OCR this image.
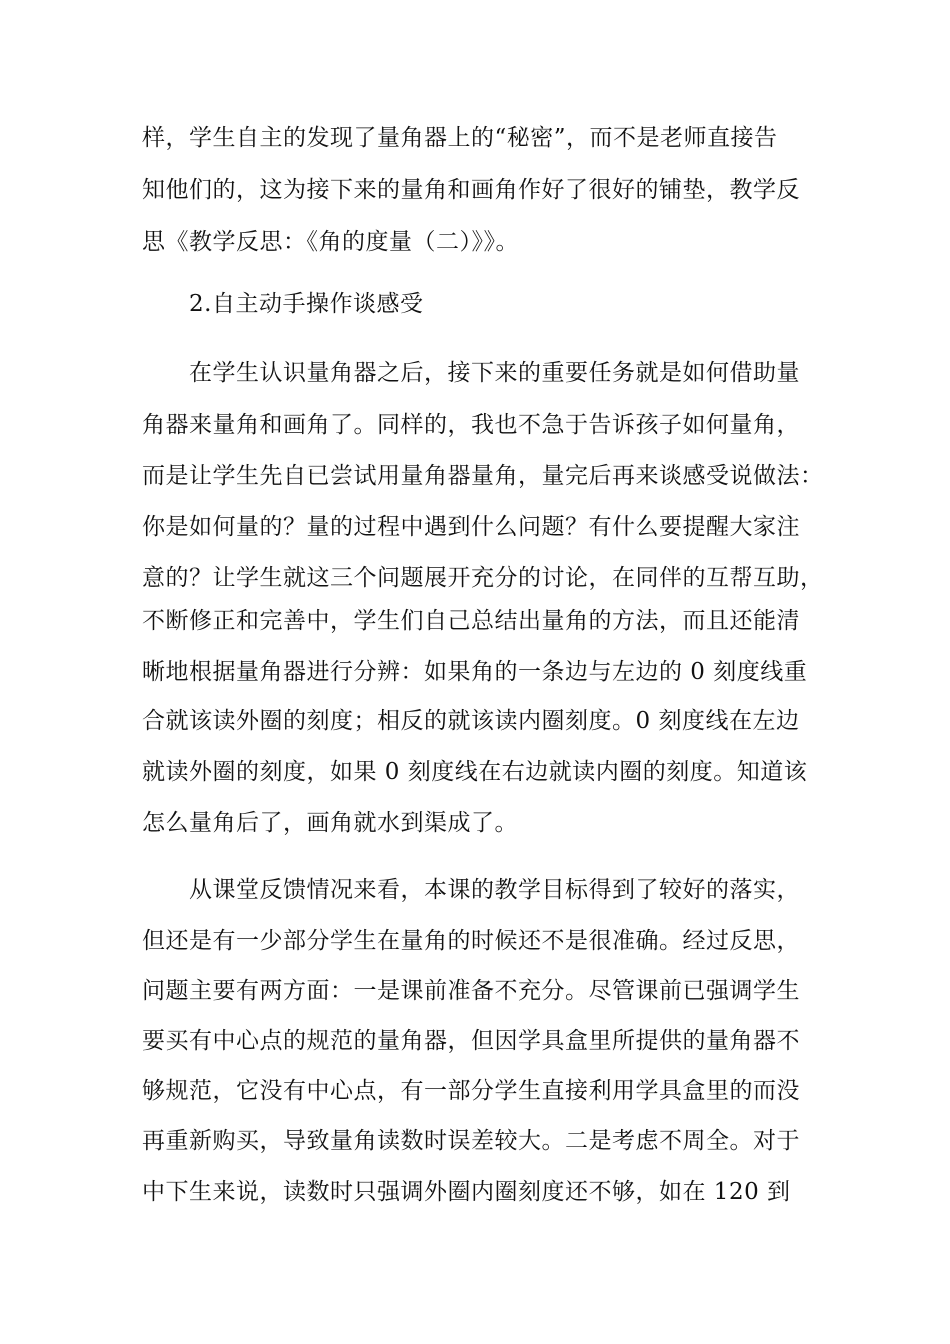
样，学生自主的发现了量角器上的“秘密”，而不是老师直接告
知他们的，这为接下来的量角和画角作好了很好的铺垫，教学反
思《教学反思：《角的度量（二）》》。
2.自主动手操作谈感受
在学生认识量角器之后，接下来的重要任务就是如何借助量
角器来量角和画角了。同样的，我也不急于告诉孩子如何量角，
而是让学生先自已尝试用量角器量角，量完后再来谈感受说做法：
你是如何量的？量的过程中遇到什么问题？有什么要提醒大家注
意的？让学生就这三个问题展开充分的讨论，在同伴的互帮互助，
不断修正和完善中，学生们自己总结出量角的方法，而且还能清
晰地根据量角器进行分辨：如果角的一条边与左边的 0 刻度线重
合就该读外圈的刻度；相反的就该读内圈刻度。0 刻度线在左边
就读外圈的刻度，如果 0 刻度线在右边就读内圈的刻度。知道该
怎么量角后了，画角就水到渠成了。
从课堂反馈情况来看，本课的教学目标得到了较好的落实，
但还是有一少部分学生在量角的时候还不是很准确。经过反思，
问题主要有两方面：一是课前准备不充分。尽管课前已强调学生
要买有中心点的规范的量角器，但因学具盒里所提供的量角器不
够规范，它没有中心点，有一部分学生直接利用学具盒里的而没
再重新购买，导致量角读数时误差较大。二是考虑不周全。对于
中下生来说，读数时只强调外圈内圈刻度还不够，如在 120 到
